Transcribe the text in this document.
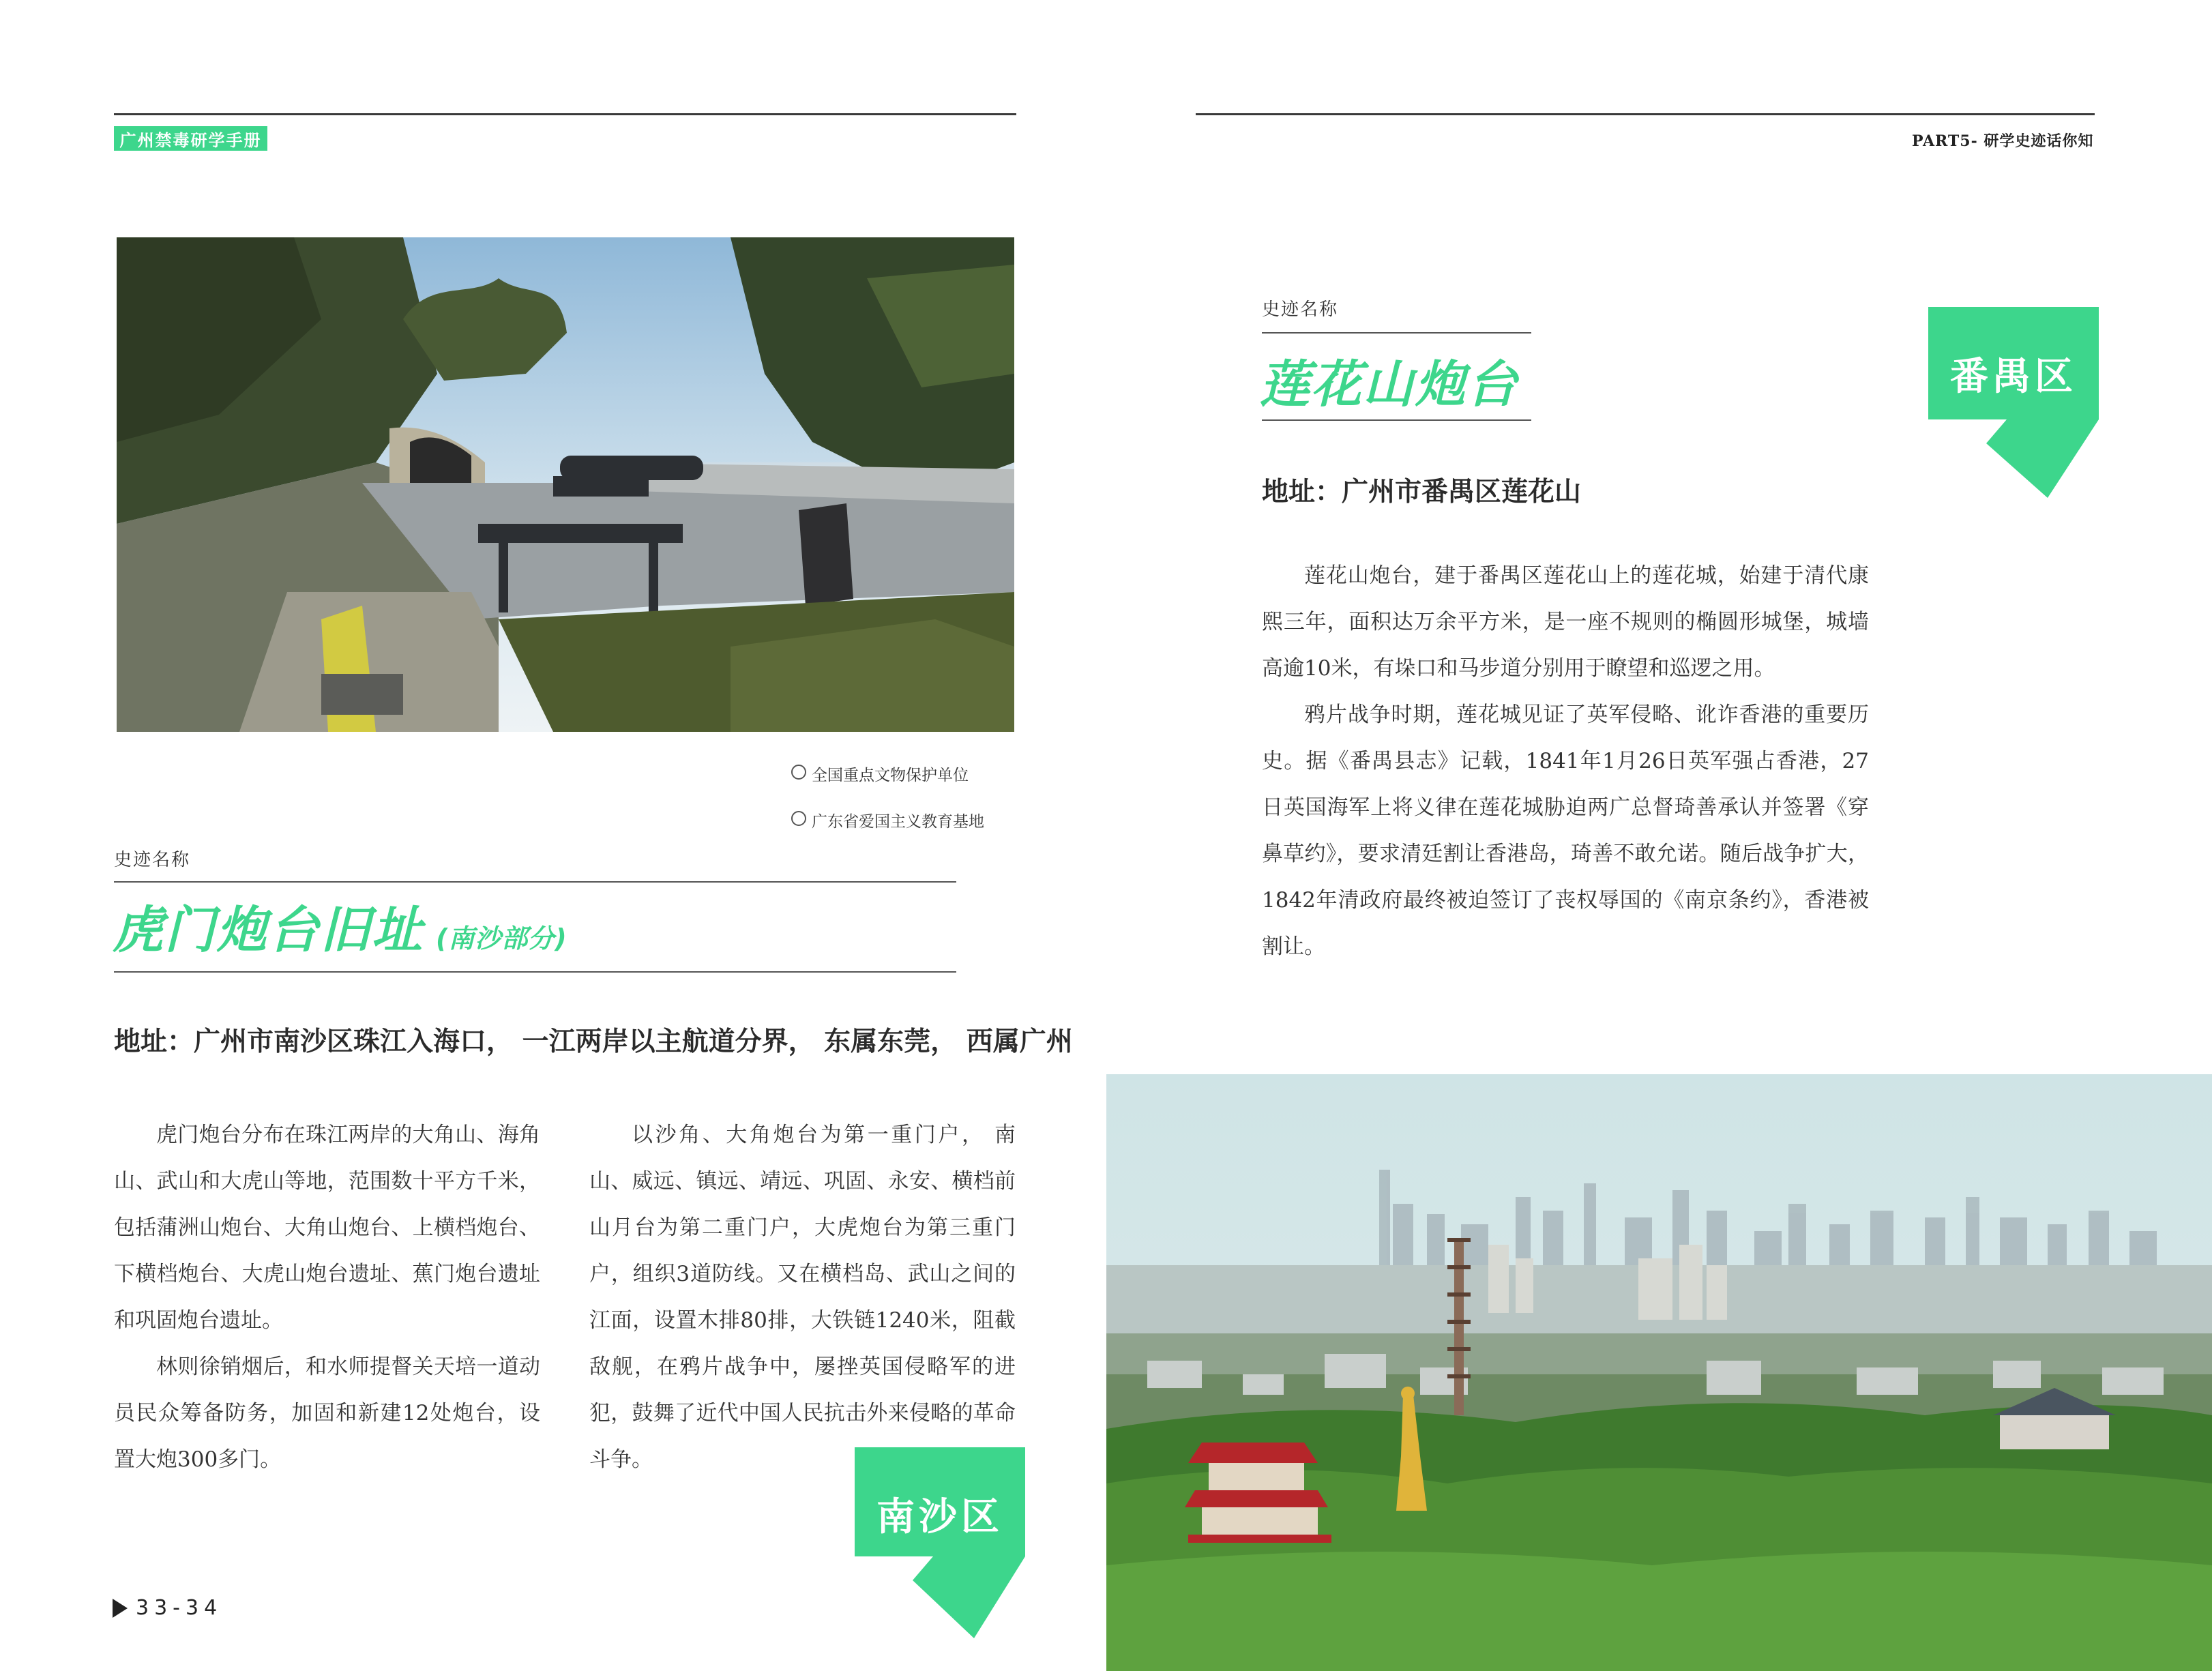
广州禁毒研学手册	PART5- 研学史迹话你知
全国重点文物保护单位
广东省爱国主义教育基地
史迹名称
虎门炮台旧址 (南沙部分)
地址：广州市南沙区珠江入海口， 一江两岸以主航道分界， 东属东莞， 西属广州

虎门炮台分布在珠江两岸的大角山、海角山、武山和大虎山等地，范围数十平方千米，包括蒲洲山炮台、大角山炮台、上横档炮台、下横档炮台、大虎山炮台遗址、蕉门炮台遗址和巩固炮台遗址。

林则徐销烟后，和水师提督关天培一道动员民众筹备防务，加固和新建12处炮台，设置大炮300多门。

以沙角、大角炮台为第一重门户， 南山、威远、镇远、靖远、巩固、永安、横档前山月台为第二重门户，大虎炮台为第三重门户，组织3道防线。又在横档岛、武山之间的江面，设置木排80排，大铁链1240米，阻截敌舰，在鸦片战争中，屡挫英国侵略军的进犯，鼓舞了近代中国人民抗击外来侵略的革命斗争。

南沙区
33-34
史迹名称
莲花山炮台	番禺区
地址：广州市番禺区莲花山

莲花山炮台，建于番禺区莲花山上的莲花城，始建于清代康熙三年，面积达万余平方米，是一座不规则的椭圆形城堡，城墙高逾10米，有垛口和马步道分别用于瞭望和巡逻之用。

鸦片战争时期，莲花城见证了英军侵略、讹诈香港的重要历史。据《番禺县志》记载，1841年1月26日英军强占香港，27日英国海军上将义律在莲花城胁迫两广总督琦善承认并签署《穿鼻草约》，要求清廷割让香港岛，琦善不敢允诺。随后战争扩大，1842年清政府最终被迫签订了丧权辱国的《南京条约》，香港被割让。
